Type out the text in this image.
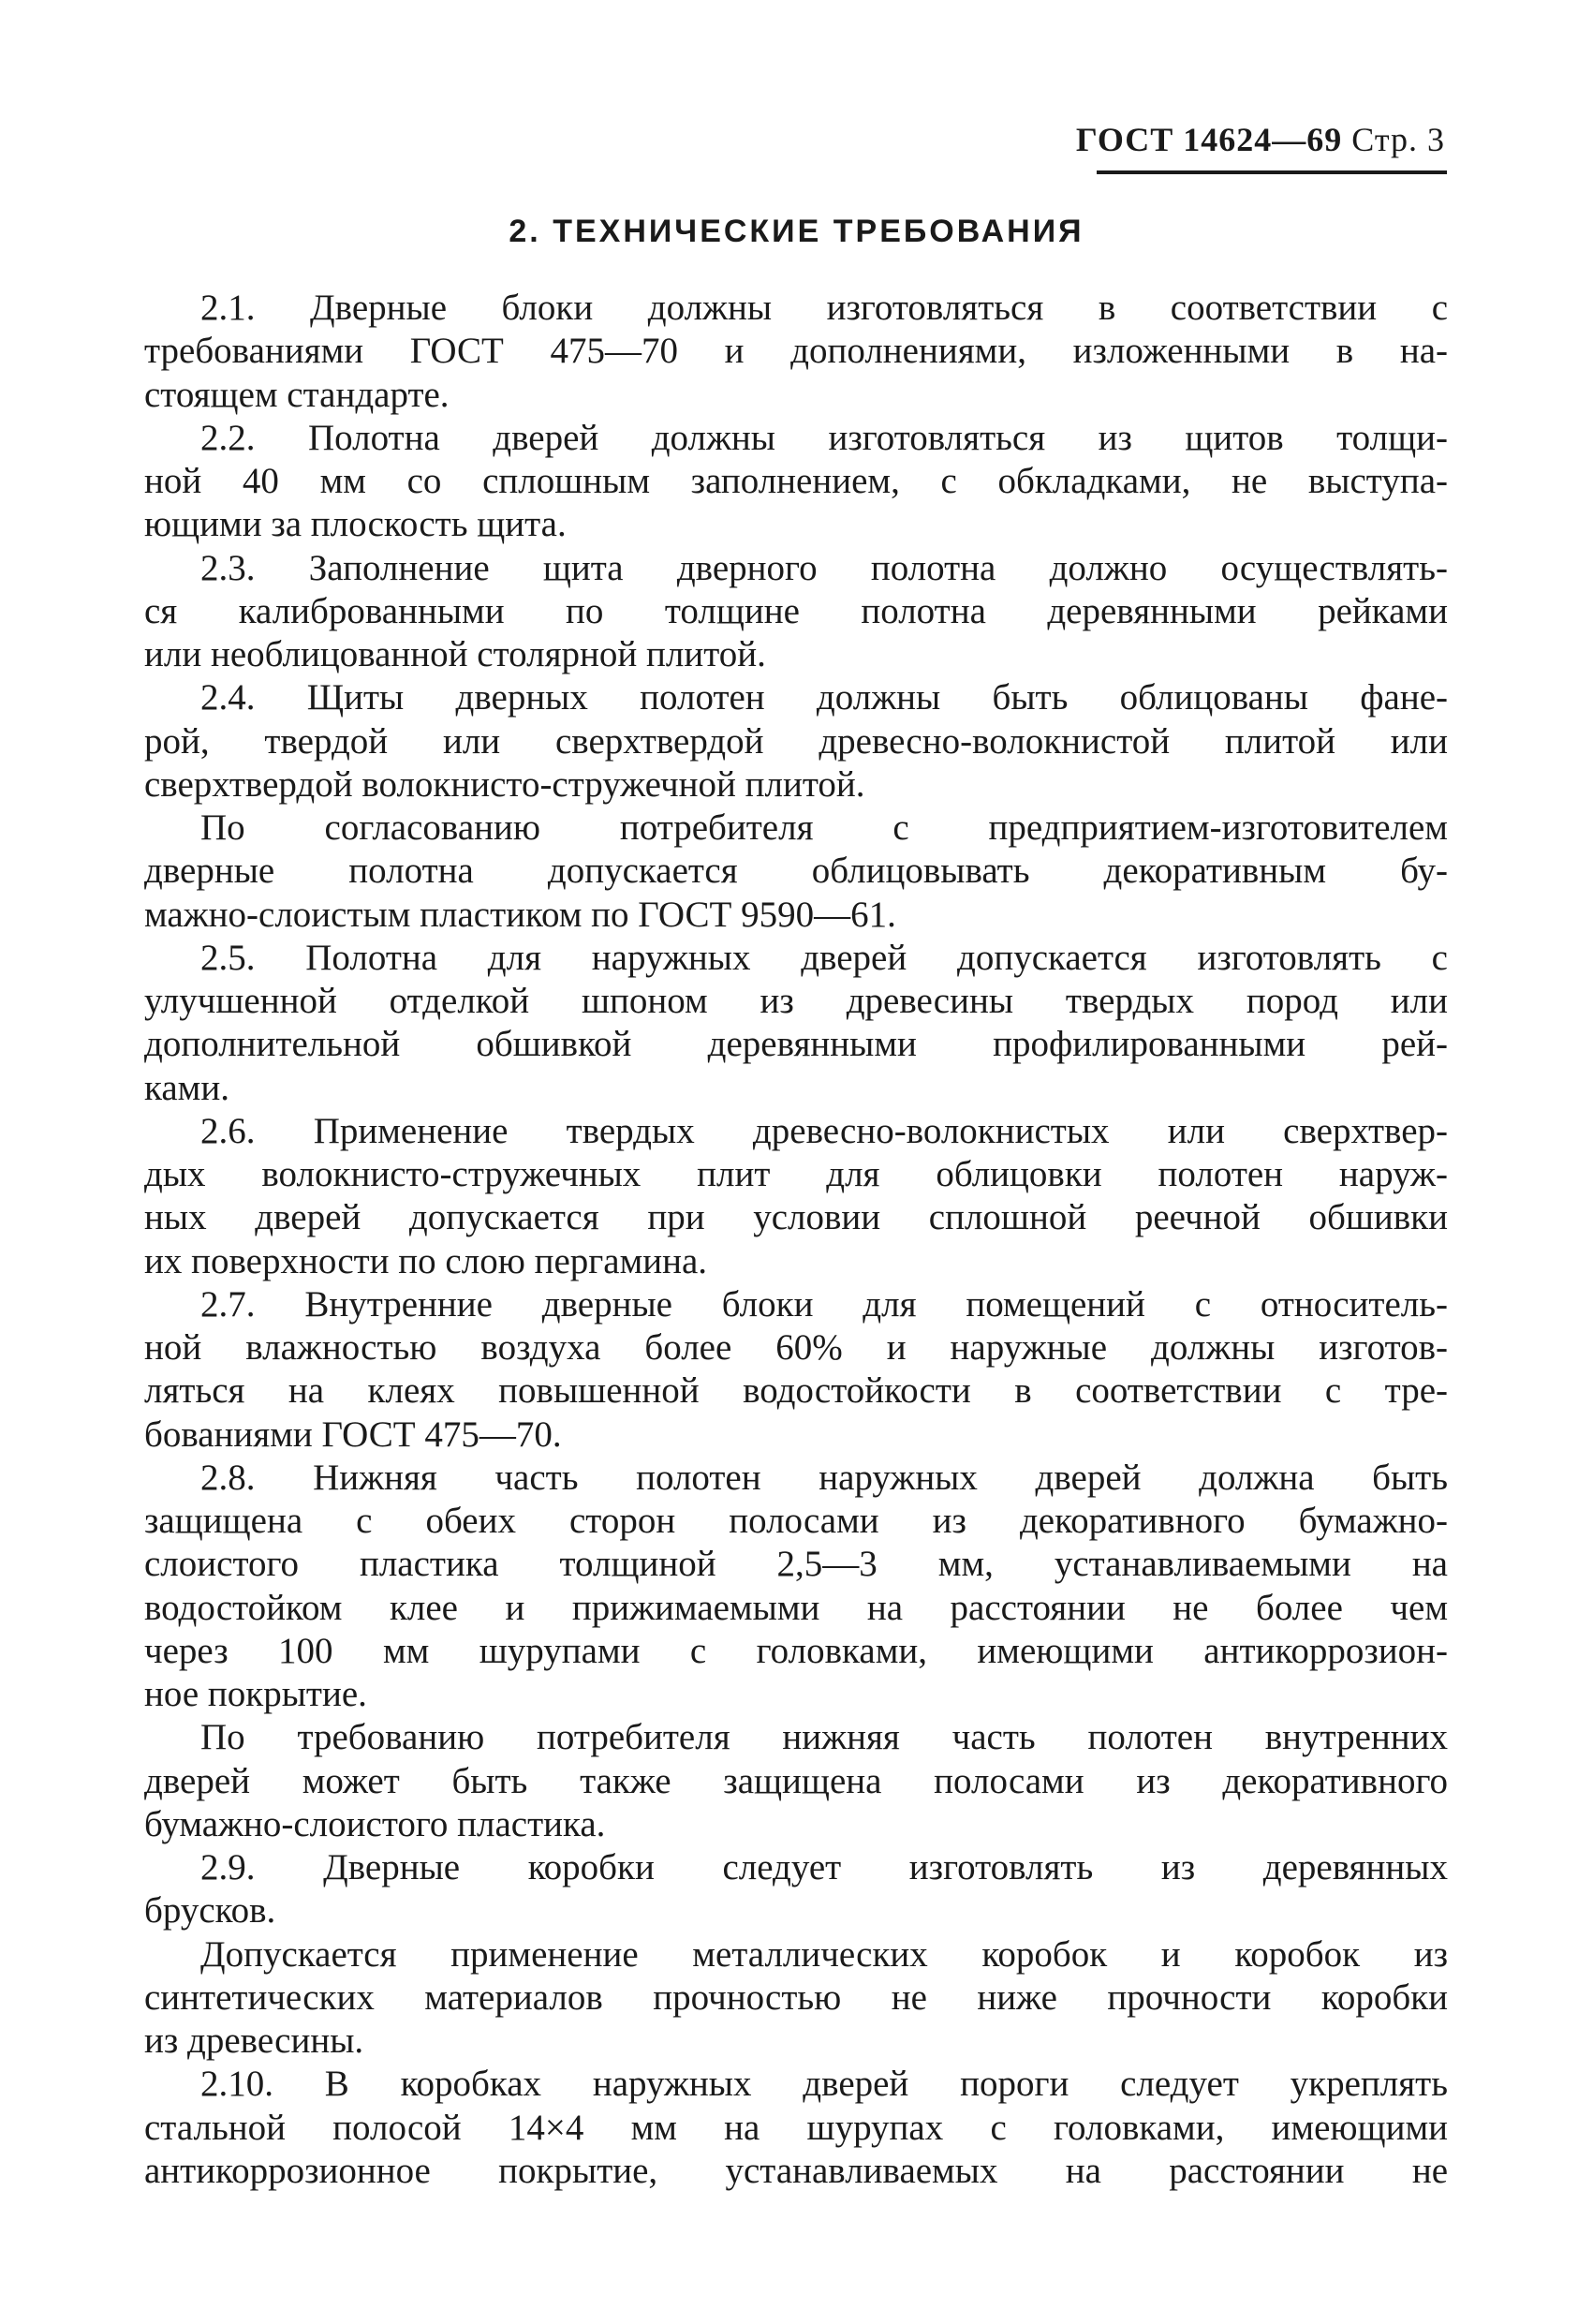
ГОСТ 14624—69 Стр. 3
2. ТЕХНИЧЕСКИЕ ТРЕБОВАНИЯ
2.1. Дверные блоки должны изготовляться в соответствии с
требованиями ГОСТ 475—70 и дополнениями, изложенными в на-
стоящем стандарте.
2.2. Полотна дверей должны изготовляться из щитов толщи-
ной 40 мм со сплошным заполнением, с обкладками, не выступа-
ющими за плоскость щита.
2.3. Заполнение щита дверного полотна должно осуществлять-
ся калиброванными по толщине полотна деревянными рейками
или необлицованной столярной плитой.
2.4. Щиты дверных полотен должны быть облицованы фане-
рой, твердой или сверхтвердой древесно-волокнистой плитой или
сверхтвердой волокнисто-стружечной плитой.
По согласованию потребителя с предприятием-изготовителем
дверные полотна допускается облицовывать декоративным бу-
мажно-слоистым пластиком по ГОСТ 9590—61.
2.5. Полотна для наружных дверей допускается изготовлять с
улучшенной отделкой шпоном из древесины твердых пород или
дополнительной обшивкой деревянными профилированными рей-
ками.
2.6. Применение твердых древесно-волокнистых или сверхтвер-
дых волокнисто-стружечных плит для облицовки полотен наруж-
ных дверей допускается при условии сплошной реечной обшивки
их поверхности по слою пергамина.
2.7. Внутренние дверные блоки для помещений с относитель-
ной влажностью воздуха более 60% и наружные должны изготов-
ляться на клеях повышенной водостойкости в соответствии с тре-
бованиями ГОСТ 475—70.
2.8. Нижняя часть полотен наружных дверей должна быть
защищена с обеих сторон полосами из декоративного бумажно-
слоистого пластика толщиной 2,5—3 мм, устанавливаемыми на
водостойком клее и прижимаемыми на расстоянии не более чем
через 100 мм шурупами с головками, имеющими антикоррозион-
ное покрытие.
По требованию потребителя нижняя часть полотен внутренних
дверей может быть также защищена полосами из декоративного
бумажно-слоистого пластика.
2.9. Дверные коробки следует изготовлять из деревянных
брусков.
Допускается применение металлических коробок и коробок из
синтетических материалов прочностью не ниже прочности коробки
из древесины.
2.10. В коробках наружных дверей пороги следует укреплять
стальной полосой 14×4 мм на шурупах с головками, имеющими
антикоррозионное покрытие, устанавливаемых на расстоянии не
